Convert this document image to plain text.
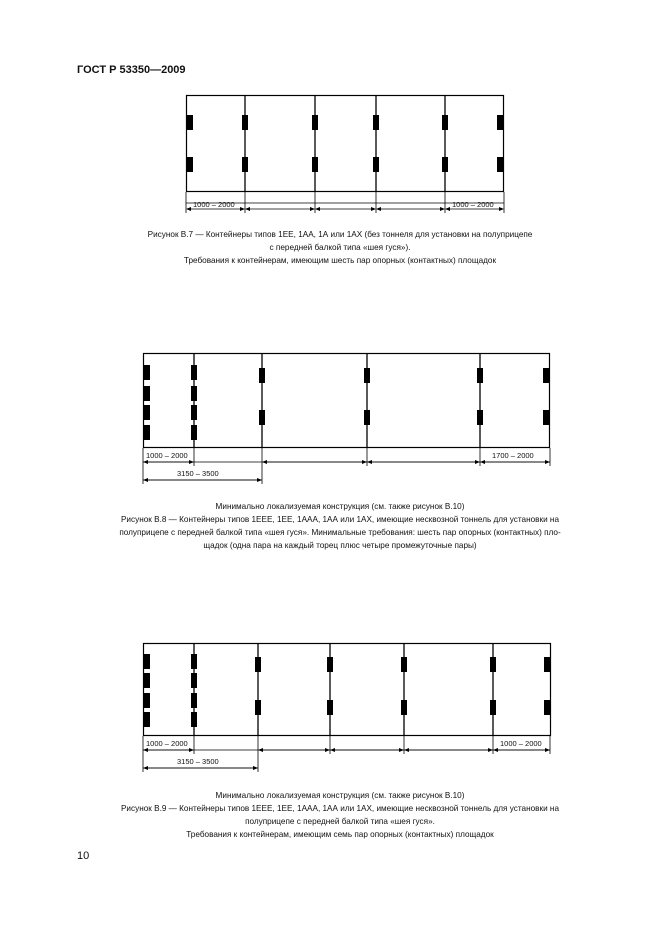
ГОСТ Р 53350—2009
1000 – 2000	1000 – 2000
Рисунок В.7 — Контейнеры типов 1ЕЕ, 1АА, 1А или 1АХ (без тоннеля для установки на полуприцепе
с передней балкой типа «шея гуся»).
Требования к контейнерам, имеющим шесть пар опорных (контактных) площадок
1000 – 2000
3150 – 3500
1700 – 2000
Минимально локализуемая конструкция (см. также рисунок В.10)
Рисунок В.8 — Контейнеры типов 1ЕЕЕ, 1ЕЕ, 1ААА, 1АА или 1АХ, имеющие несквозной тоннель для установки на
полуприцепе с передней балкой типа «шея гуся». Минимальные требования: шесть пар опорных (контактных) пло-
щадок (одна пара на каждый торец плюс четыре промежуточные пары)
1000 – 2000
3150 – 3500
1000 – 2000
Минимально локализуемая конструкция (см. также рисунок В.10)
Рисунок В.9 — Контейнеры типов 1ЕЕЕ, 1ЕЕ, 1ААА, 1АА или 1АХ, имеющие несквозной тоннель для установки на
полуприцепе с передней балкой типа «шея гуся».
Требования к контейнерам, имеющим семь пар опорных (контактных) площадок
10
